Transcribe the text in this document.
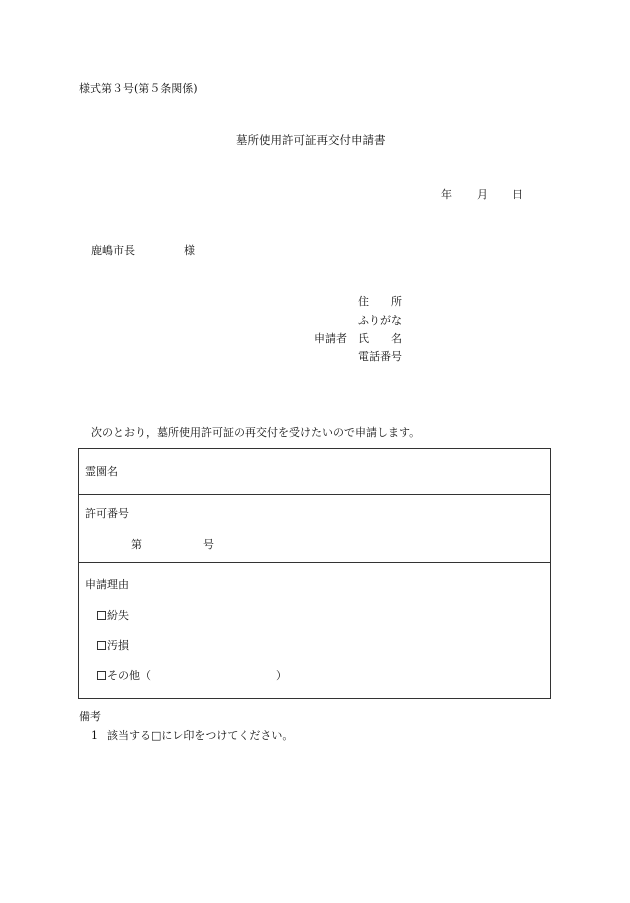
様式第３号(第５条関係)
墓所使用許可証再交付申請書
年 月 日
鹿嶋市長	様
住　　所
ふりがな
申請者 氏　　名
電話番号
次のとおり，墓所使用許可証の再交付を受けたいので申請します。
霊園名
許可番号
第	号
申請理由
紛失
汚損
その他（	）
備考
1 該当する□にレ印をつけてください。
